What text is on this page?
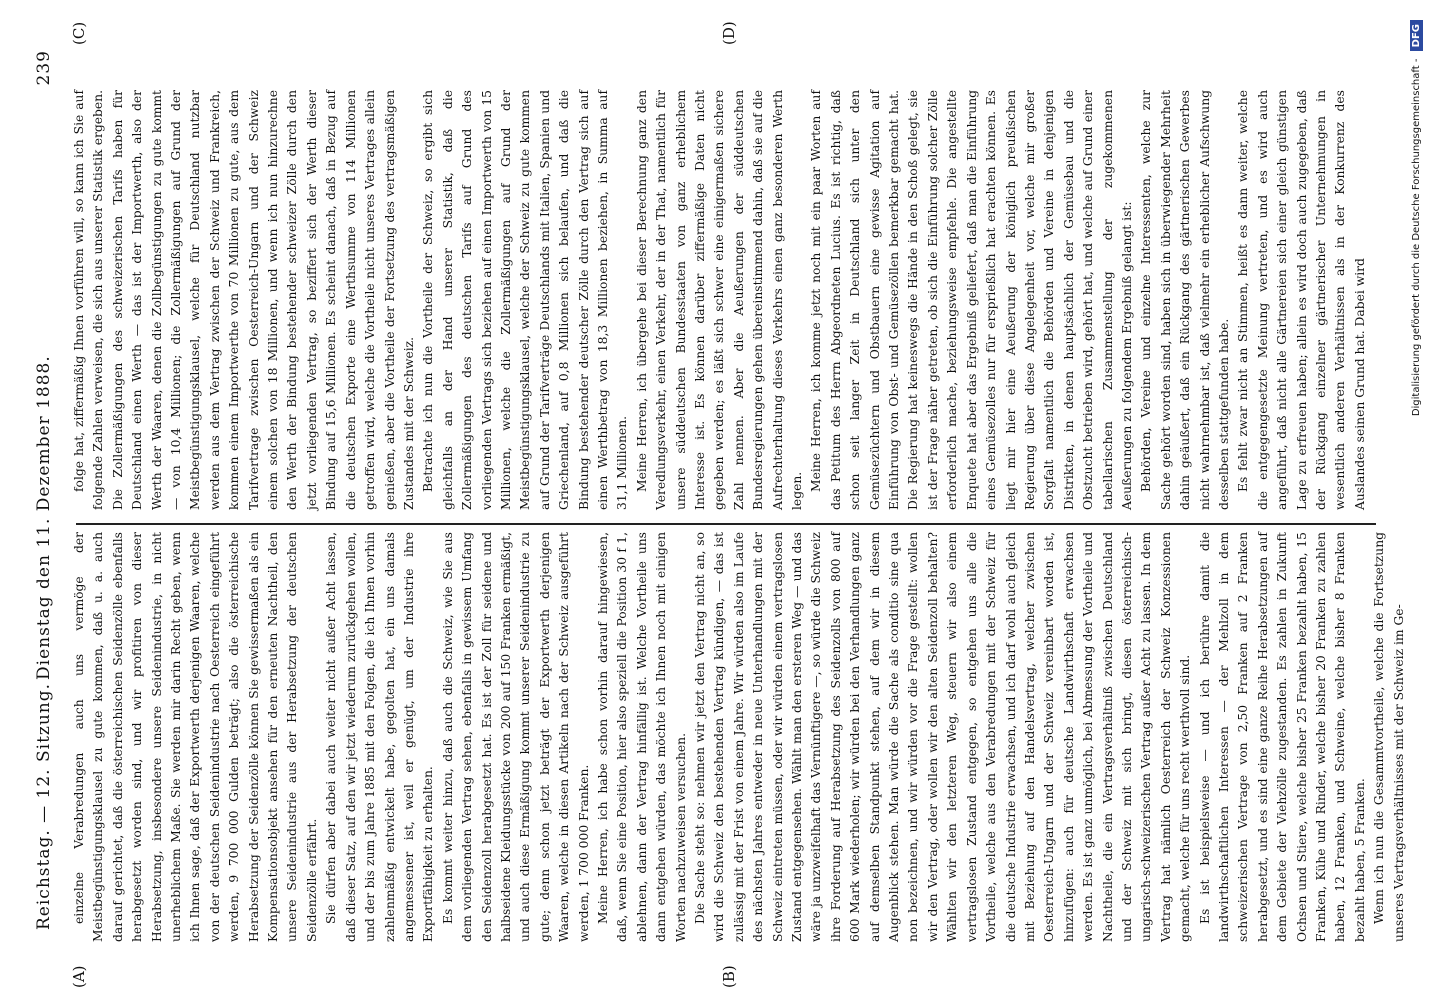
Reichstag. — 12. Sitzung.
Dienstag den 11. Dezember 1888.
239
(A)	(B)
(C)	(D)

einzelne Verabredungen auch uns vermöge der Meistbegünstigungsklausel zu gute kommen, daß u. a. auch darauf gerichtet, daß die österreichischen Seidenzölle ebenfalls herabgesetzt worden sind, und wir profitiren von dieser Herabsetzung, insbesondere unsere Seidenindustrie, in nicht unerheblichem Maße. Sie werden mir darin Recht geben, wenn ich Ihnen sage, daß der Exportwerth derjenigen Waaren, welche von der deutschen Seidenindustrie nach Oesterreich eingeführt werden, 9 700 000 Gulden beträgt; also die österreichische Herabsetzung der Seidenzölle können Sie gewissermaßen als ein Kompensationsobjekt ansehen für den erneuten Nachtheil, den unsere Seidenindustrie aus der Herabsetzung der deutschen Seidenzölle erfährt. Sie dürfen aber dabei auch weiter nicht außer Acht lassen, daß dieser Satz, auf den wir jetzt wiederum zurückgehen wollen, und der bis zum Jahre 1885 mit den Folgen, die ich Ihnen vorhin zahlenmäßig entwickelt habe, gegolten hat, ein uns damals angemessener ist, weil er genügt, um der Industrie ihre Exportfähigkeit zu erhalten. Es kommt weiter hinzu, daß auch die Schweiz, wie Sie aus dem vorliegenden Vertrag sehen, ebenfalls in gewissem Umfang den Seidenzoll herabgesetzt hat. Es ist der Zoll für seidene und halbseidene Kleidungsstücke von 200 auf 150 Franken ermäßigt, und auch diese Ermäßigung kommt unserer Seidenindustrie zu gute; denn schon jetzt beträgt der Exportwerth derjenigen Waaren, welche in diesen Artikeln nach der Schweiz ausgeführt werden, 1 700 000 Franken. Meine Herren, ich habe schon vorhin darauf hingewiesen, daß, wenn Sie eine Position, hier also speziell die Position 30 f 1, ablehnen, dann der Vertrag hinfällig ist. Welche Vortheile uns dann entgehen würden, das möchte ich Ihnen noch mit einigen Worten nachzuweisen versuchen. Die Sache steht so: nehmen wir jetzt den Vertrag nicht an, so wird die Schweiz den bestehenden Vertrag kündigen, — das ist zulässig mit der Frist von einem Jahre. Wir würden also im Laufe des nächsten Jahres entweder in neue Unterhandlungen mit der Schweiz eintreten müssen, oder wir würden einem vertragslosen Zustand entgegensehen. Wählt man den ersteren Weg — und das wäre ja unzweifelhaft das Vernünftigere —, so würde die Schweiz ihre Forderung auf Herabsetzung des Seidenzolls von 800 auf 600 Mark wiederholen; wir würden bei den Verhandlungen ganz auf demselben Standpunkt stehen, auf dem wir in diesem Augenblick stehen. Man würde die Sache als conditio sine qua non bezeichnen, und wir würden vor die Frage gestellt: wollen wir den Vertrag, oder wollen wir den alten Seidenzoll behalten? Wählten wir den letzteren Weg, steuern wir also einem vertragslosen Zustand entgegen, so entgehen uns alle die Vortheile, welche aus den Verabredungen mit der Schweiz für die deutsche Industrie erwachsen, und ich darf wohl auch gleich mit Beziehung auf den Handelsvertrag, welcher zwischen Oesterreich-Ungarn und der Schweiz vereinbart worden ist, hinzufügen: auch für deutsche Landwirthschaft erwachsen werden. Es ist ganz unmöglich, bei Abmessung der Vortheile und Nachtheile, die ein Vertragsverhältniß zwischen Deutschland und der Schweiz mit sich bringt, diesen österreichisch-ungarisch-schweizerischen Vertrag außer Acht zu lassen. In dem Vertrag hat nämlich Oesterreich der Schweiz Konzessionen gemacht, welche für uns recht werthvoll sind. Es ist beispielsweise — und ich berühre damit die landwirthschaftlichen Interessen — der Mehlzoll in dem schweizerischen Vertrage von 2,50 Franken auf 2 Franken herabgesetzt, und es sind eine ganze Reihe Herabsetzungen auf dem Gebiete der Viehzölle zugestanden. Es zahlen in Zukunft Ochsen und Stiere, welche bisher 25 Franken bezahlt haben, 15 Franken, Kühe und Rinder, welche bisher 20 Franken zu zahlen haben, 12 Franken, und Schweine, welche bisher 8 Franken bezahlt haben, 5 Franken. Wenn ich nun die Gesammtvortheile, welche die Fortsetzung unseres Vertragsverhältnisses mit der Schweiz im Ge-

folge hat, ziffermäßig Ihnen vorführen will, so kann ich Sie auf folgende Zahlen verweisen, die sich aus unserer Statistik ergeben. Die Zollermäßigungen des schweizerischen Tarifs haben für Deutschland einen Werth — das ist der Importwerth, also der Werth der Waaren, denen die Zollbegünstigungen zu gute kommt — von 10,4 Millionen; die Zollermäßigungen auf Grund der Meistbegünstigungsklausel, welche für Deutschland nutzbar werden aus dem Vertrag zwischen der Schweiz und Frankreich, kommen einem Importwerthe von 70 Millionen zu gute, aus dem Tarifvertrage zwischen Oesterreich-Ungarn und der Schweiz einem solchen von 18 Millionen, und wenn ich nun hinzurechne den Werth der Bindung bestehender schweizer Zölle durch den jetzt vorliegenden Vertrag, so beziffert sich der Werth dieser Bindung auf 15,6 Millionen. Es scheint danach, daß in Bezug auf die deutschen Exporte eine Werthsumme von 114 Millionen getroffen wird, welche die Vortheile nicht unseres Vertrages allein genießen, aber die Vortheile der Fortsetzung des vertragsmäßigen Zustandes mit der Schweiz. Betrachte ich nun die Vortheile der Schweiz, so ergibt sich gleichfalls an der Hand unserer Statistik, daß die Zollermäßigungen des deutschen Tarifs auf Grund des vorliegenden Vertrags sich beziehen auf einen Importwerth von 15 Millionen, welche die Zollermäßigungen auf Grund der Meistbegünstigungsklausel, welche der Schweiz zu gute kommen auf Grund der Tarifverträge Deutschlands mit Italien, Spanien und Griechenland, auf 0,8 Millionen sich belaufen, und daß die Bindung bestehender deutscher Zölle durch den Vertrag sich auf einen Werthbetrag von 18,3 Millionen beziehen, in Summa auf 31,1 Millionen. Meine Herren, ich übergehe bei dieser Berechnung ganz den Veredlungsverkehr, einen Verkehr, der in der That, namentlich für unsere süddeutschen Bundesstaaten von ganz erheblichem Interesse ist. Es können darüber ziffermäßige Daten nicht gegeben werden; es läßt sich schwer eine einigermaßen sichere Zahl nennen. Aber die Aeußerungen der süddeutschen Bundesregierungen gehen übereinstimmend dahin, daß sie auf die Aufrechterhaltung dieses Verkehrs einen ganz besonderen Werth legen. Meine Herren, ich komme jetzt noch mit ein paar Worten auf das Petitum des Herrn Abgeordneten Lucius. Es ist richtig, daß schon seit langer Zeit in Deutschland sich unter den Gemüsezüchtern und Obstbauern eine gewisse Agitation auf Einführung von Obst- und Gemüsezöllen bemerkbar gemacht hat. Die Regierung hat keineswegs die Hände in den Schoß gelegt, sie ist der Frage näher getreten, ob sich die Einführung solcher Zölle erforderlich mache, beziehungsweise empfehle. Die angestellte Enquete hat aber das Ergebniß geliefert, daß man die Einführung eines Gemüsezolles nur für ersprießlich hat erachten können. Es liegt mir hier eine Aeußerung der königlich preußischen Regierung über diese Angelegenheit vor, welche mir großer Sorgfalt namentlich die Behörden und Vereine in denjenigen Distrikten, in denen hauptsächlich der Gemüsebau und die Obstzucht betrieben wird, gehört hat, und welche auf Grund einer tabellarischen Zusammenstellung der zugekommenen Aeußerungen zu folgendem Ergebniß gelangt ist: Behörden, Vereine und einzelne Interessenten, welche zur Sache gehört worden sind, haben sich in überwiegender Mehrheit dahin geäußert, daß ein Rückgang des gärtnerischen Gewerbes nicht wahrnehmbar ist, daß vielmehr ein erheblicher Aufschwung desselben stattgefunden habe. Es fehlt zwar nicht an Stimmen, heißt es dann weiter, welche die entgegengesetzte Meinung vertreten, und es wird auch angeführt, daß nicht alle Gärtnereien sich einer gleich günstigen Lage zu erfreuen haben; allein es wird doch auch zugegeben, daß der Rückgang einzelner gärtnerischer Unternehmungen in wesentlich anderen Verhältnissen als in der Konkurrenz des Auslandes seinen Grund hat. Dabei wird	Digitalisierung gefördert durch die Deutsche Forschungsgemeinschaft - DFG
